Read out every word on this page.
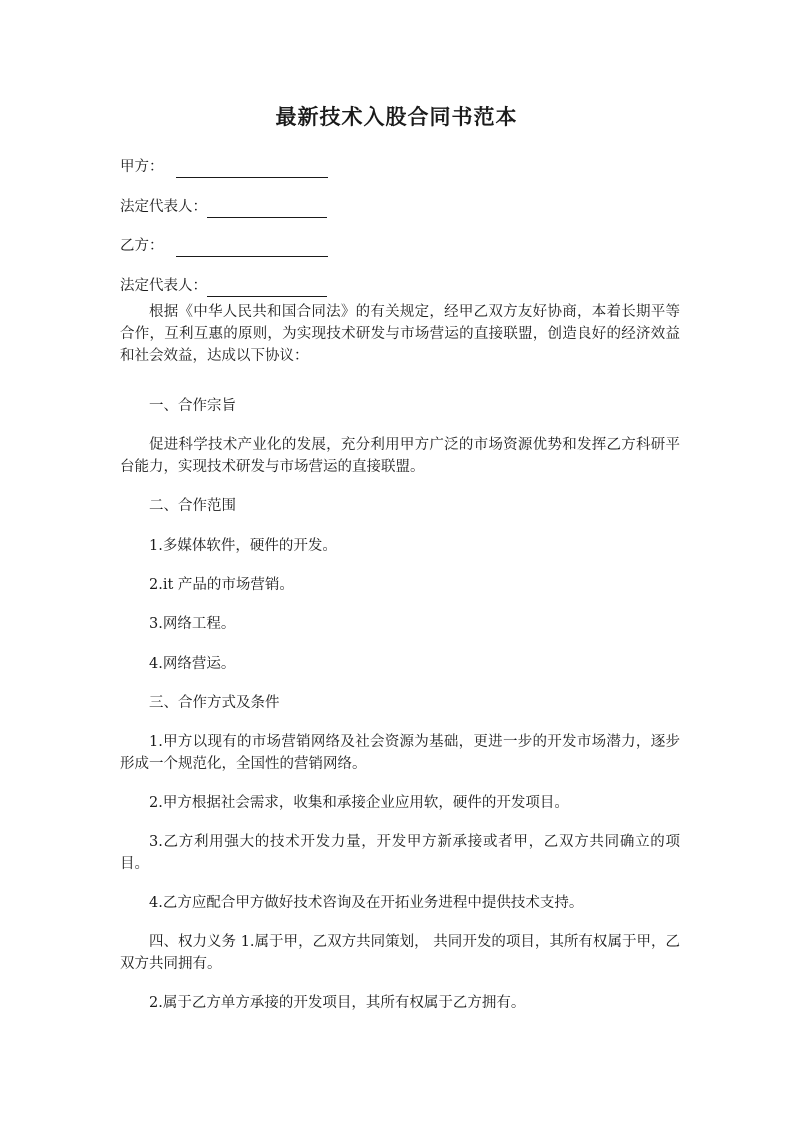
最新技术入股合同书范本
甲方：
法定代表人：
乙方：
法定代表人：

根据《中华人民共和国合同法》的有关规定，经甲乙双方友好协商，本着长期平等合作，互利互惠的原则，为实现技术研发与市场营运的直接联盟，创造良好的经济效益和社会效益，达成以下协议：

一、合作宗旨

促进科学技术产业化的发展，充分利用甲方广泛的市场资源优势和发挥乙方科研平台能力，实现技术研发与市场营运的直接联盟。

二、合作范围

1.多媒体软件，硬件的开发。

2.it 产品的市场营销。

3.网络工程。

4.网络营运。

三、合作方式及条件

1.甲方以现有的市场营销网络及社会资源为基础，更进一步的开发市场潜力，逐步形成一个规范化，全国性的营销网络。

2.甲方根据社会需求，收集和承接企业应用软，硬件的开发项目。

3.乙方利用强大的技术开发力量，开发甲方新承接或者甲，乙双方共同确立的项目。

4.乙方应配合甲方做好技术咨询及在开拓业务进程中提供技术支持。

四、权力义务 1.属于甲，乙双方共同策划， 共同开发的项目，其所有权属于甲，乙双方共同拥有。

2.属于乙方单方承接的开发项目，其所有权属于乙方拥有。
